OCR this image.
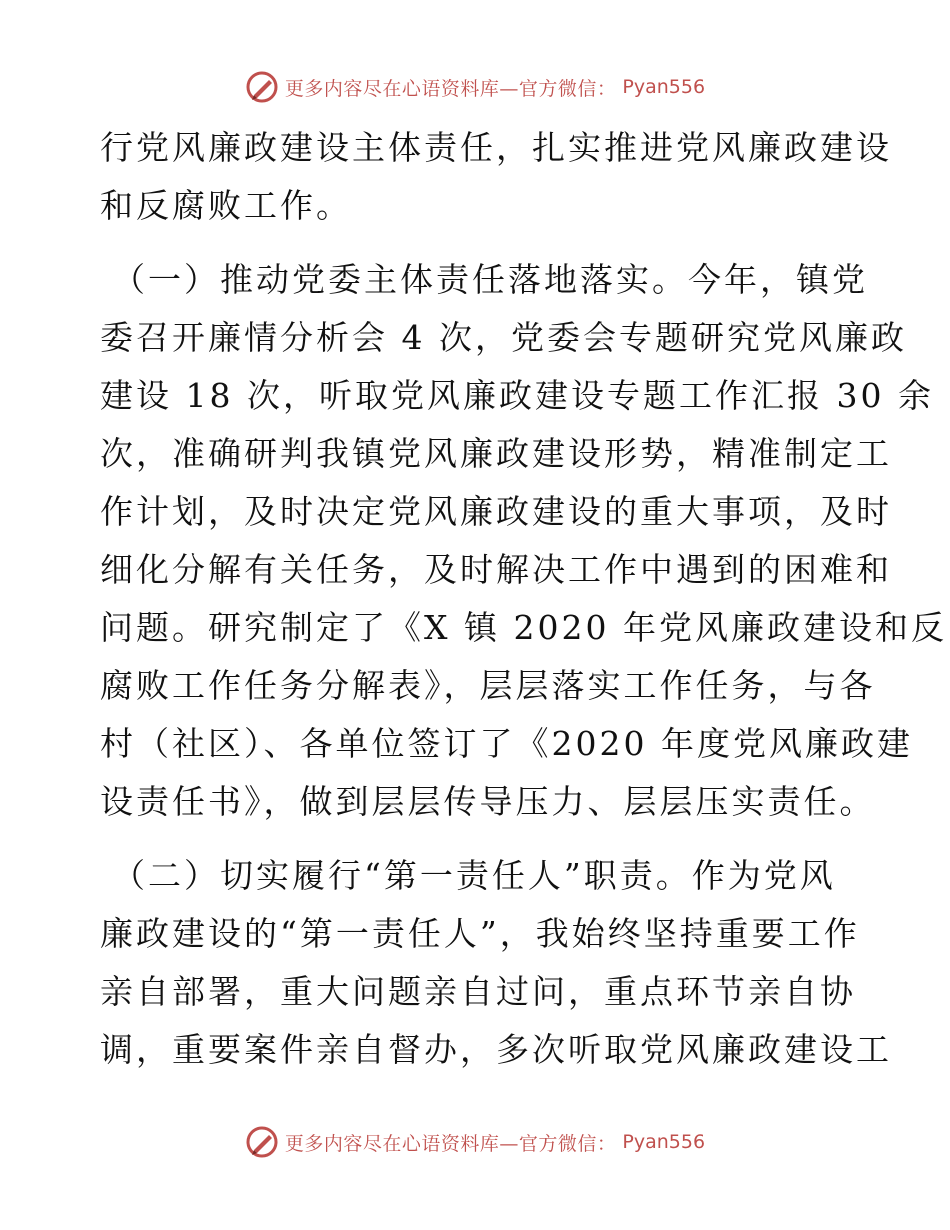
更多内容尽在心语资料库—官方微信： Pyan556
行党风廉政建设主体责任，扎实推进党风廉政建设
和反腐败工作。
（一）推动党委主体责任落地落实。今年，镇党
委召开廉情分析会 4 次，党委会专题研究党风廉政
建设 18 次，听取党风廉政建设专题工作汇报 30 余
次，准确研判我镇党风廉政建设形势，精准制定工
作计划，及时决定党风廉政建设的重大事项，及时
细化分解有关任务，及时解决工作中遇到的困难和
问题。研究制定了《X 镇 2020 年党风廉政建设和反
腐败工作任务分解表》，层层落实工作任务，与各
村（社区）、各单位签订了《2020 年度党风廉政建
设责任书》，做到层层传导压力、层层压实责任。
（二）切实履行“第一责任人”职责。作为党风
廉政建设的“第一责任人”，我始终坚持重要工作
亲自部署，重大问题亲自过问，重点环节亲自协
调，重要案件亲自督办，多次听取党风廉政建设工
更多内容尽在心语资料库—官方微信： Pyan556
